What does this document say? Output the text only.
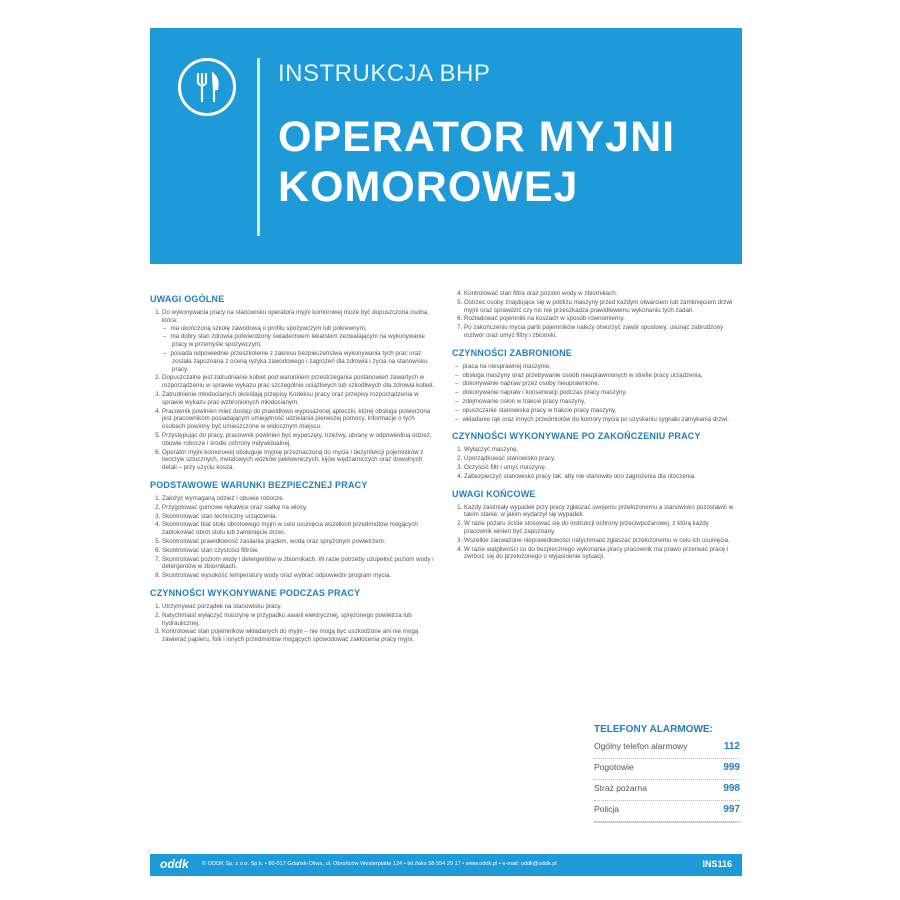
INSTRUKCJA BHP
OPERATOR MYJNI
KOMOROWEJ
UWAGI OGÓLNE
1. Do wykonywania pracy na stanowisku operatora myjni komorowej może być dopuszczona osoba, która:
– ma ukończoną szkołę zawodową o profilu spożywczym lub pokrewnym,
– ma dobry stan zdrowia potwierdzony świadectwem lekarskim zezwalającym na wykonywanie pracy w przemyśle spożywczym,
– posiada odpowiednie przeszkolenie z zakresu bezpieczeństwa wykonywania tych prac oraz została zapoznana z oceną ryzyka zawodowego i zagrożeń dla zdrowia i życia na stanowisku pracy.
2. Dopuszczalne jest zatrudnianie kobiet pod warunkiem przestrzegania postanowień zawartych w rozporządzeniu w sprawie wykazu prac szczególnie uciążliwych lub szkodliwych dla zdrowia kobiet.
3. Zatrudnienie młodocianych określają przepisy Kodeksu pracy oraz przepisy rozporządzenia w sprawie wykazu prac wzbronionych młodocianym.
4. Pracownik powinien mieć dostęp do prawidłowo wyposażonej apteczki, której obsługa powierzona jest pracownikom posiadającym umiejętność udzielania pierwszej pomocy. Informacje o tych osobach powinny być umieszczone w widocznym miejscu.
5. Przystępując do pracy, pracownik powinien być wypoczęty, trzeźwy, ubrany w odpowiednią odzież, obuwie robocze i środki ochrony indywidualnej.
6. Operator myjni komorowej obsługuje myjnię przeznaczoną do mycia i dezynfekcji pojemników z tworzyw sztucznych, metalowych wózków pekłowniczych, kijów wędzarniczych oraz dowolnych detali – przy użyciu kosza.
PODSTAWOWE WARUNKI BEZPIECZNEJ PRACY
1. Założyć wymaganą odzież i obuwie robocze.
2. Przygotować gumowe rękawice oraz siatkę na włosy.
3. Skontrolować stan techniczny urządzenia.
4. Skontrolować blat stołu obrotowego myjni w celu usunięcia wszelkich przedmiotów mogących zablokować obrót stołu lub zamknięcie drzwi.
5. Skontrolować prawidłowość zasilania prądem, wodą oraz sprężonym powietrzem.
6. Skontrolować stan czystości filtrów.
7. Skontrolować poziom wody i detergentów w zbiornikach. W razie potrzeby uzupełnić poziom wody i detergentów w zbiornikach.
8. Skontrolować wysokość temperatury wody oraz wybrać odpowiedni program mycia.
CZYNNOŚCI WYKONYWANE PODCZAS PRACY
1. Utrzymywać porządek na stanowisku pracy.
2. Natychmiast wyłączyć maszynę w przypadku awarii elektrycznej, sprężonego powietrza lub hydraulicznej.
3. Kontrolować stan pojemników wkładanych do myjni – nie mogą być uszkodzone ani nie mogą zawierać papieru, folii i innych przedmiotów mogących spowodować zakłócenia pracy myjni.
4. Kontrolować stan filtra oraz poziom wody w zbiornikach.
5. Ostrzec osoby znajdujące się w pobliżu maszyny przed każdym otwarciem lub zamknięciem drzwi myjni oraz sprawdzić czy nic nie przeszkadza prawidłowemu wykonaniu tych zadań.
6. Rozładować pojemniki na koszach w sposób równomierny.
7. Po zakończeniu mycia partii pojemników należy otworzyć zawór spustowy, usunąć zabrudzony roztwór oraz umyć filtry i zbiorniki.
CZYNNOŚCI ZABRONIONE
– praca na niesprawnej maszynie,
– obsługa maszyny oraz przebywanie osoób nieuprawnionych w strefie pracy urządzenia,
– dokonywanie napraw przez osoby nieuprawnione,
– dokonywanie napraw i konserwacji podczas pracy maszyny,
– zdejmowanie osłon w trakcie pracy maszyny,
– opuszczanie stanowiska pracy w trakcie pracy maszyny,
– wkładanie rąk oraz innych przedmiotów do komory mycia po uzyskaniu sygnału zamykania drzwi.
CZYNNOŚCI WYKONYWANE PO ZAKOŃCZENIU PRACY
1. Wyłączyć maszynę.
2. Uporządkować stanowisko pracy.
3. Oczyścić filtr i umyć maszynę.
4. Zabezpieczyć stanowisko pracy tak, aby nie stanowiło ono zagrożenia dla otoczenia.
UWAGI KOŃCOWE
1. Każdy zaistniały wypadek przy pracy zgłaszać swojemu przełożonemu a stanowisko pozostawić w takim stanie, w jakim wydarzył się wypadek.
2. W razie pożaru ściśle stosować się do instrukcji ochrony przeciwpożarowej, z którą każdy pracownik winien być zapoznany.
3. Wszelkie zauważone nieprawidłowości natychmiast zgłaszać przełożonemu w celu ich usunięcia.
4. W razie wątpliwości co do bezpiecznego wykonania pracy pracownik ma prawo przerwać pracę i zwrócić się do przełożonego o wyjaśnienie sytuacji.
TELEFONY ALARMOWE:
Ogólny telefon alarmowy	112
Pogotowie	999
Straż pożarna	998
Policja	997
oddk © ODDK Sp. z o.o. Sp.k. • 80-017 Gdańsk-Oliwa, ul. Obrońców Westerplatte 124 • tel./faks 58 554 29 17 • www.oddk.pl • e-mail: oddk@oddk.pl	INS116
